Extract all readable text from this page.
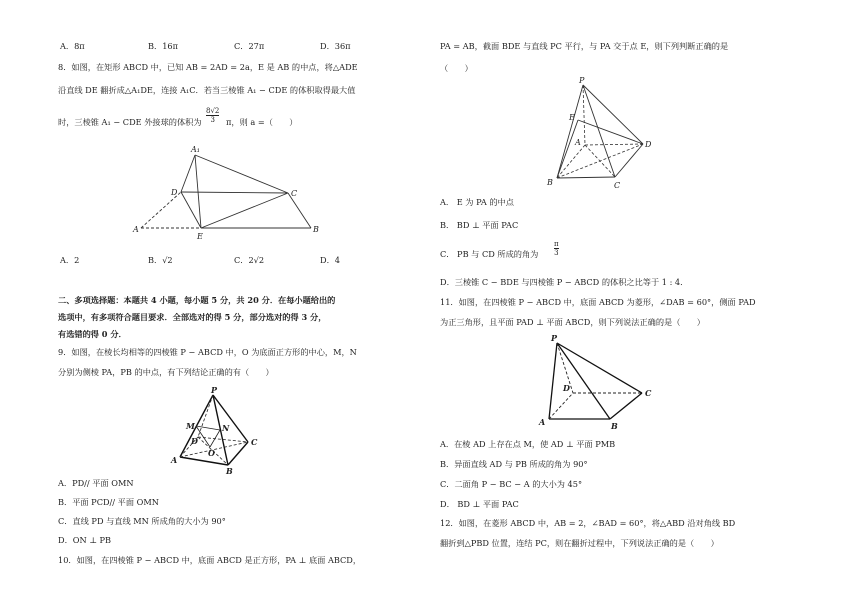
A．8π	B．16π	C．27π	D．36π
8．如图，在矩形 ABCD 中，已知 AB = 2AD = 2a，E 是 AB 的中点，将△ADE
沿直线 DE 翻折成△A₁DE，连接 A₁C．若当三棱锥 A₁ − CDE 的体积取得最大值
时，三棱锥 A₁ − CDE 外接球的体积为 $\frac{8√2}{3}$ π，则 a =（　　）
A₁
D	C
A
E
B
A．2	B．√2	C．2√2	D．4
二、多项选择题：本题共 4 小题，每小题 5 分，共 20 分．在每小题给出的
选项中，有多项符合题目要求．全部选对的得 5 分，部分选对的得 3 分，
有选错的得 0 分．
9．如图，在棱长均相等的四棱锥 P − ABCD 中，O 为底面正方形的中心，M，N
分别为侧棱 PA，PB 的中点，有下列结论正确的有（　　）
P
M	N
D	C
O
A
B
A．PD// 平面 OMN
B．平面 PCD// 平面 OMN
C．直线 PD 与直线 MN 所成角的大小为 90°
D．ON ⊥ PB
10．如图，在四棱锥 P − ABCD 中，底面 ABCD 是正方形，PA ⊥ 底面 ABCD，
PA = AB，截面 BDE 与直线 PC 平行，与 PA 交于点 E，则下列判断正确的是
（　　）
P
E
A	D
B	C
A． E 为 PA 的中点
B． BD ⊥ 平面 PAC
C． PB 与 CD 所成的角为 $\frac{\pi}{3}$
D．三棱锥 C − BDE 与四棱锥 P − ABCD 的体积之比等于 1 : 4．
11．如图，在四棱锥 P − ABCD 中，底面 ABCD 为菱形，∠DAB = 60°，侧面 PAD
为正三角形，且平面 PAD ⊥ 平面 ABCD，则下列说法正确的是（　　）
P
D	C
A	B
A．在棱 AD 上存在点 M，使 AD ⊥ 平面 PMB
B．异面直线 AD 与 PB 所成的角为 90°
C．二面角 P − BC − A 的大小为 45°
D． BD ⊥ 平面 PAC
12．如图，在菱形 ABCD 中，AB = 2，∠BAD = 60°，将△ABD 沿对角线 BD
翻折到△PBD 位置，连结 PC，则在翻折过程中，下列说法正确的是（　　）
